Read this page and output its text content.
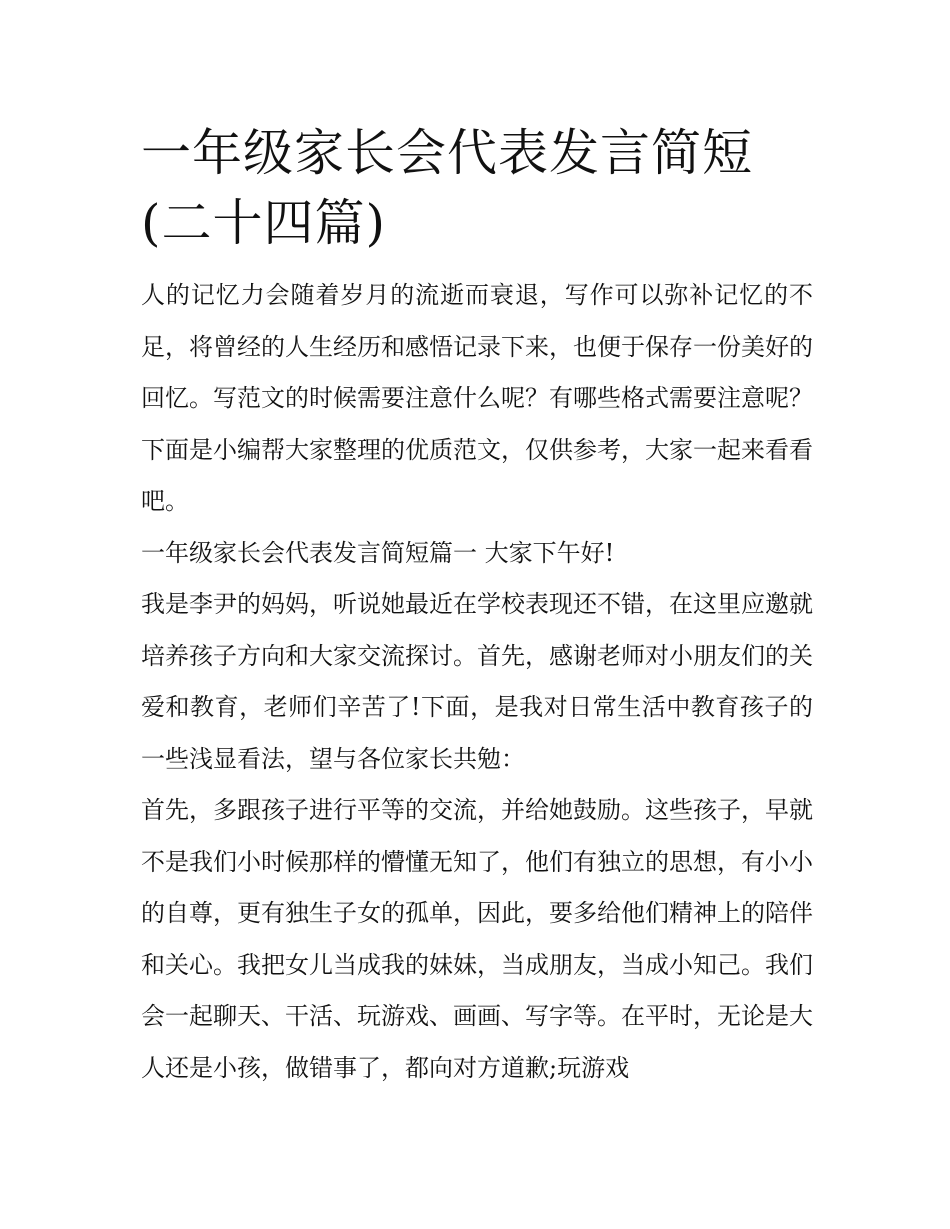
一年级家长会代表发言简短(二十四篇)

人的记忆力会随着岁月的流逝而衰退，写作可以弥补记忆的不足，将曾经的人生经历和感悟记录下来，也便于保存一份美好的回忆。写范文的时候需要注意什么呢？有哪些格式需要注意呢？下面是小编帮大家整理的优质范文，仅供参考，大家一起来看看吧。

一年级家长会代表发言简短篇一 大家下午好!

我是李尹的妈妈，听说她最近在学校表现还不错，在这里应邀就培养孩子方向和大家交流探讨。首先，感谢老师对小朋友们的关爱和教育，老师们辛苦了!下面，是我对日常生活中教育孩子的一些浅显看法，望与各位家长共勉：

首先，多跟孩子进行平等的交流，并给她鼓励。这些孩子，早就不是我们小时候那样的懵懂无知了，他们有独立的思想，有小小的自尊，更有独生子女的孤单，因此，要多给他们精神上的陪伴和关心。我把女儿当成我的妹妹，当成朋友，当成小知己。我们会一起聊天、干活、玩游戏、画画、写字等。在平时，无论是大人还是小孩，做错事了，都向对方道歉;玩游戏
